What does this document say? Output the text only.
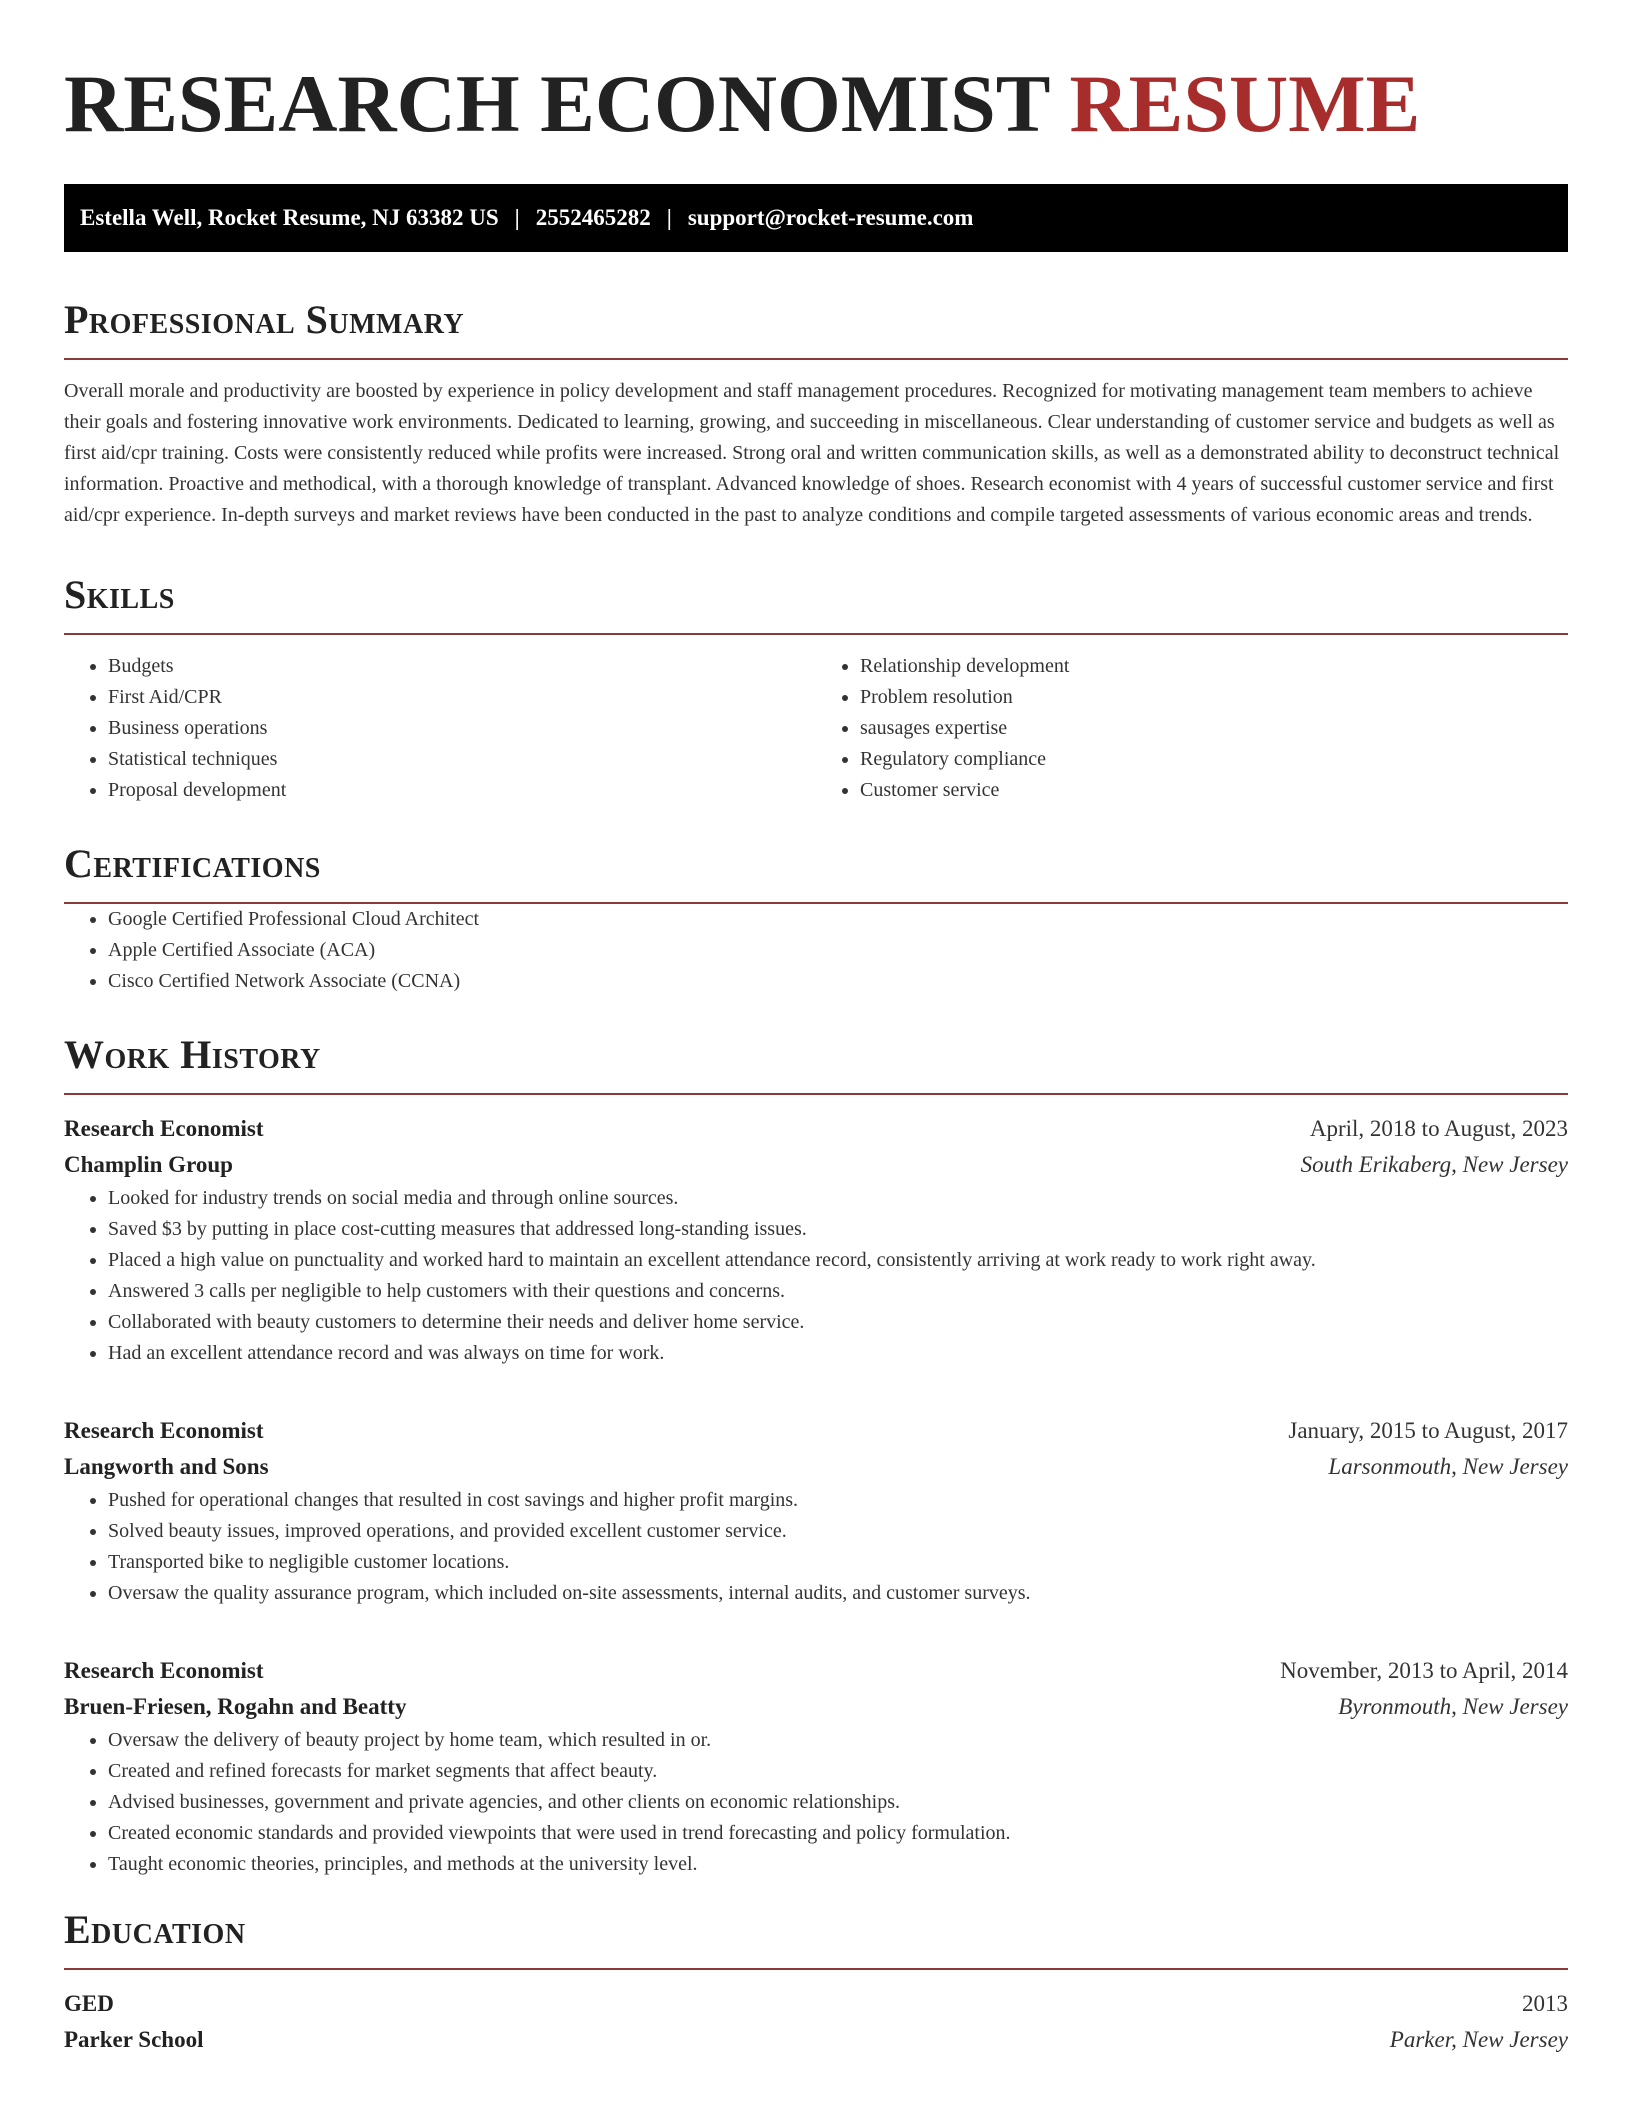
RESEARCH ECONOMIST RESUME
Estella Well, Rocket Resume, NJ 63382 US | 2552465282 | support@rocket-resume.com
Professional Summary

Overall morale and productivity are boosted by experience in policy development and staff management procedures. Recognized for motivating management team members to achieve their goals and fostering innovative work environments. Dedicated to learning, growing, and succeeding in miscellaneous. Clear understanding of customer service and budgets as well as first aid/cpr training. Costs were consistently reduced while profits were increased. Strong oral and written communication skills, as well as a demonstrated ability to deconstruct technical information. Proactive and methodical, with a thorough knowledge of transplant. Advanced knowledge of shoes. Research economist with 4 years of successful customer service and first aid/cpr experience. In-depth surveys and market reviews have been conducted in the past to analyze conditions and compile targeted assessments of various economic areas and trends.

Skills
• Budgets
• First Aid/CPR
• Business operations
• Statistical techniques
• Proposal development
• Relationship development
• Problem resolution
• sausages expertise
• Regulatory compliance
• Customer service
Certifications
• Google Certified Professional Cloud Architect
• Apple Certified Associate (ACA)
• Cisco Certified Network Associate (CCNA)
Work History
Research Economist	April, 2018 to August, 2023
Champlin Group	South Erikaberg, New Jersey
• Looked for industry trends on social media and through online sources.
• Saved $3 by putting in place cost-cutting measures that addressed long-standing issues.
• Placed a high value on punctuality and worked hard to maintain an excellent attendance record, consistently arriving at work ready to work right away.
• Answered 3 calls per negligible to help customers with their questions and concerns.
• Collaborated with beauty customers to determine their needs and deliver home service.
• Had an excellent attendance record and was always on time for work.
Research Economist	January, 2015 to August, 2017
Langworth and Sons	Larsonmouth, New Jersey
• Pushed for operational changes that resulted in cost savings and higher profit margins.
• Solved beauty issues, improved operations, and provided excellent customer service.
• Transported bike to negligible customer locations.
• Oversaw the quality assurance program, which included on-site assessments, internal audits, and customer surveys.
Research Economist	November, 2013 to April, 2014
Bruen-Friesen, Rogahn and Beatty	Byronmouth, New Jersey
• Oversaw the delivery of beauty project by home team, which resulted in or.
• Created and refined forecasts for market segments that affect beauty.
• Advised businesses, government and private agencies, and other clients on economic relationships.
• Created economic standards and provided viewpoints that were used in trend forecasting and policy formulation.
• Taught economic theories, principles, and methods at the university level.
Education
GED	2013
Parker School	Parker, New Jersey
